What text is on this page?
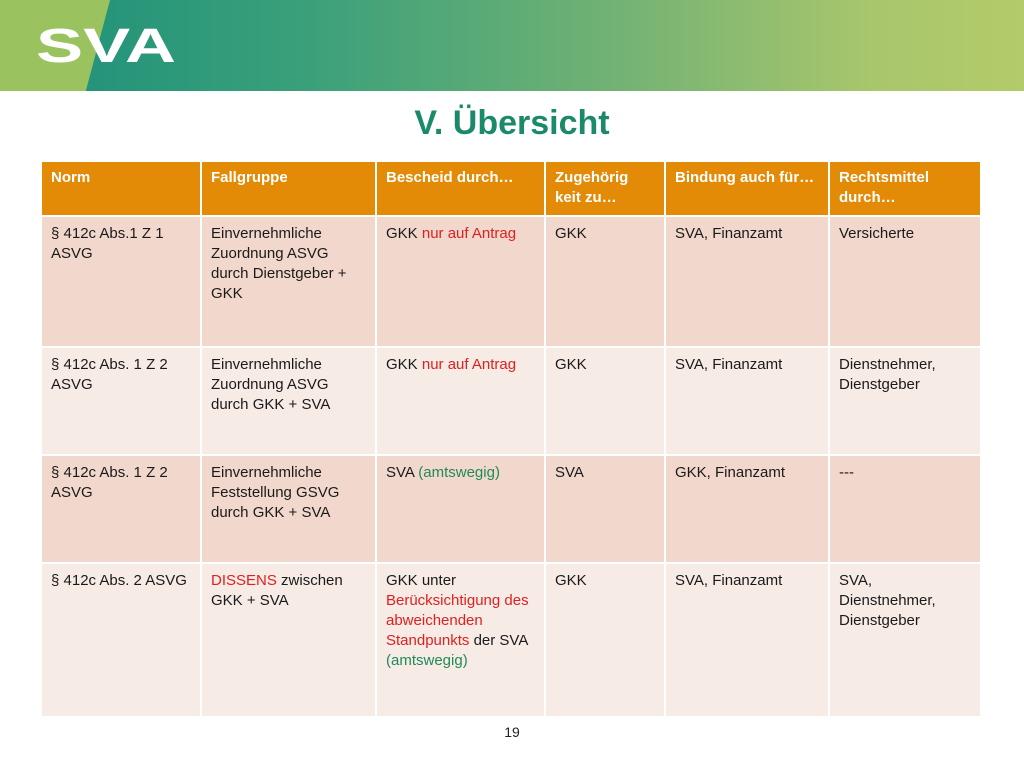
SVA
V. Übersicht
Norm	Fallgruppe	Bescheid durch…	Zugehörig keit zu…	Bindung auch für…	Rechtsmittel durch…
§ 412c Abs.1 Z 1 ASVG	Einvernehmliche Zuordnung ASVG durch Dienstgeber + GKK	GKK nur auf Antrag	GKK	SVA, Finanzamt	Versicherte
§ 412c Abs. 1 Z 2 ASVG	Einvernehmliche Zuordnung ASVG durch GKK + SVA	GKK nur auf Antrag	GKK	SVA, Finanzamt	Dienstnehmer, Dienstgeber
§ 412c Abs. 1 Z 2 ASVG	Einvernehmliche Feststellung GSVG durch GKK + SVA	SVA (amtswegig)	SVA	GKK, Finanzamt	---
§ 412c Abs. 2 ASVG	DISSENS zwischen GKK + SVA	GKK unter Berücksichtigung des abweichenden Standpunkts der SVA (amtswegig)	GKK	SVA, Finanzamt	SVA, Dienstnehmer, Dienstgeber
19
